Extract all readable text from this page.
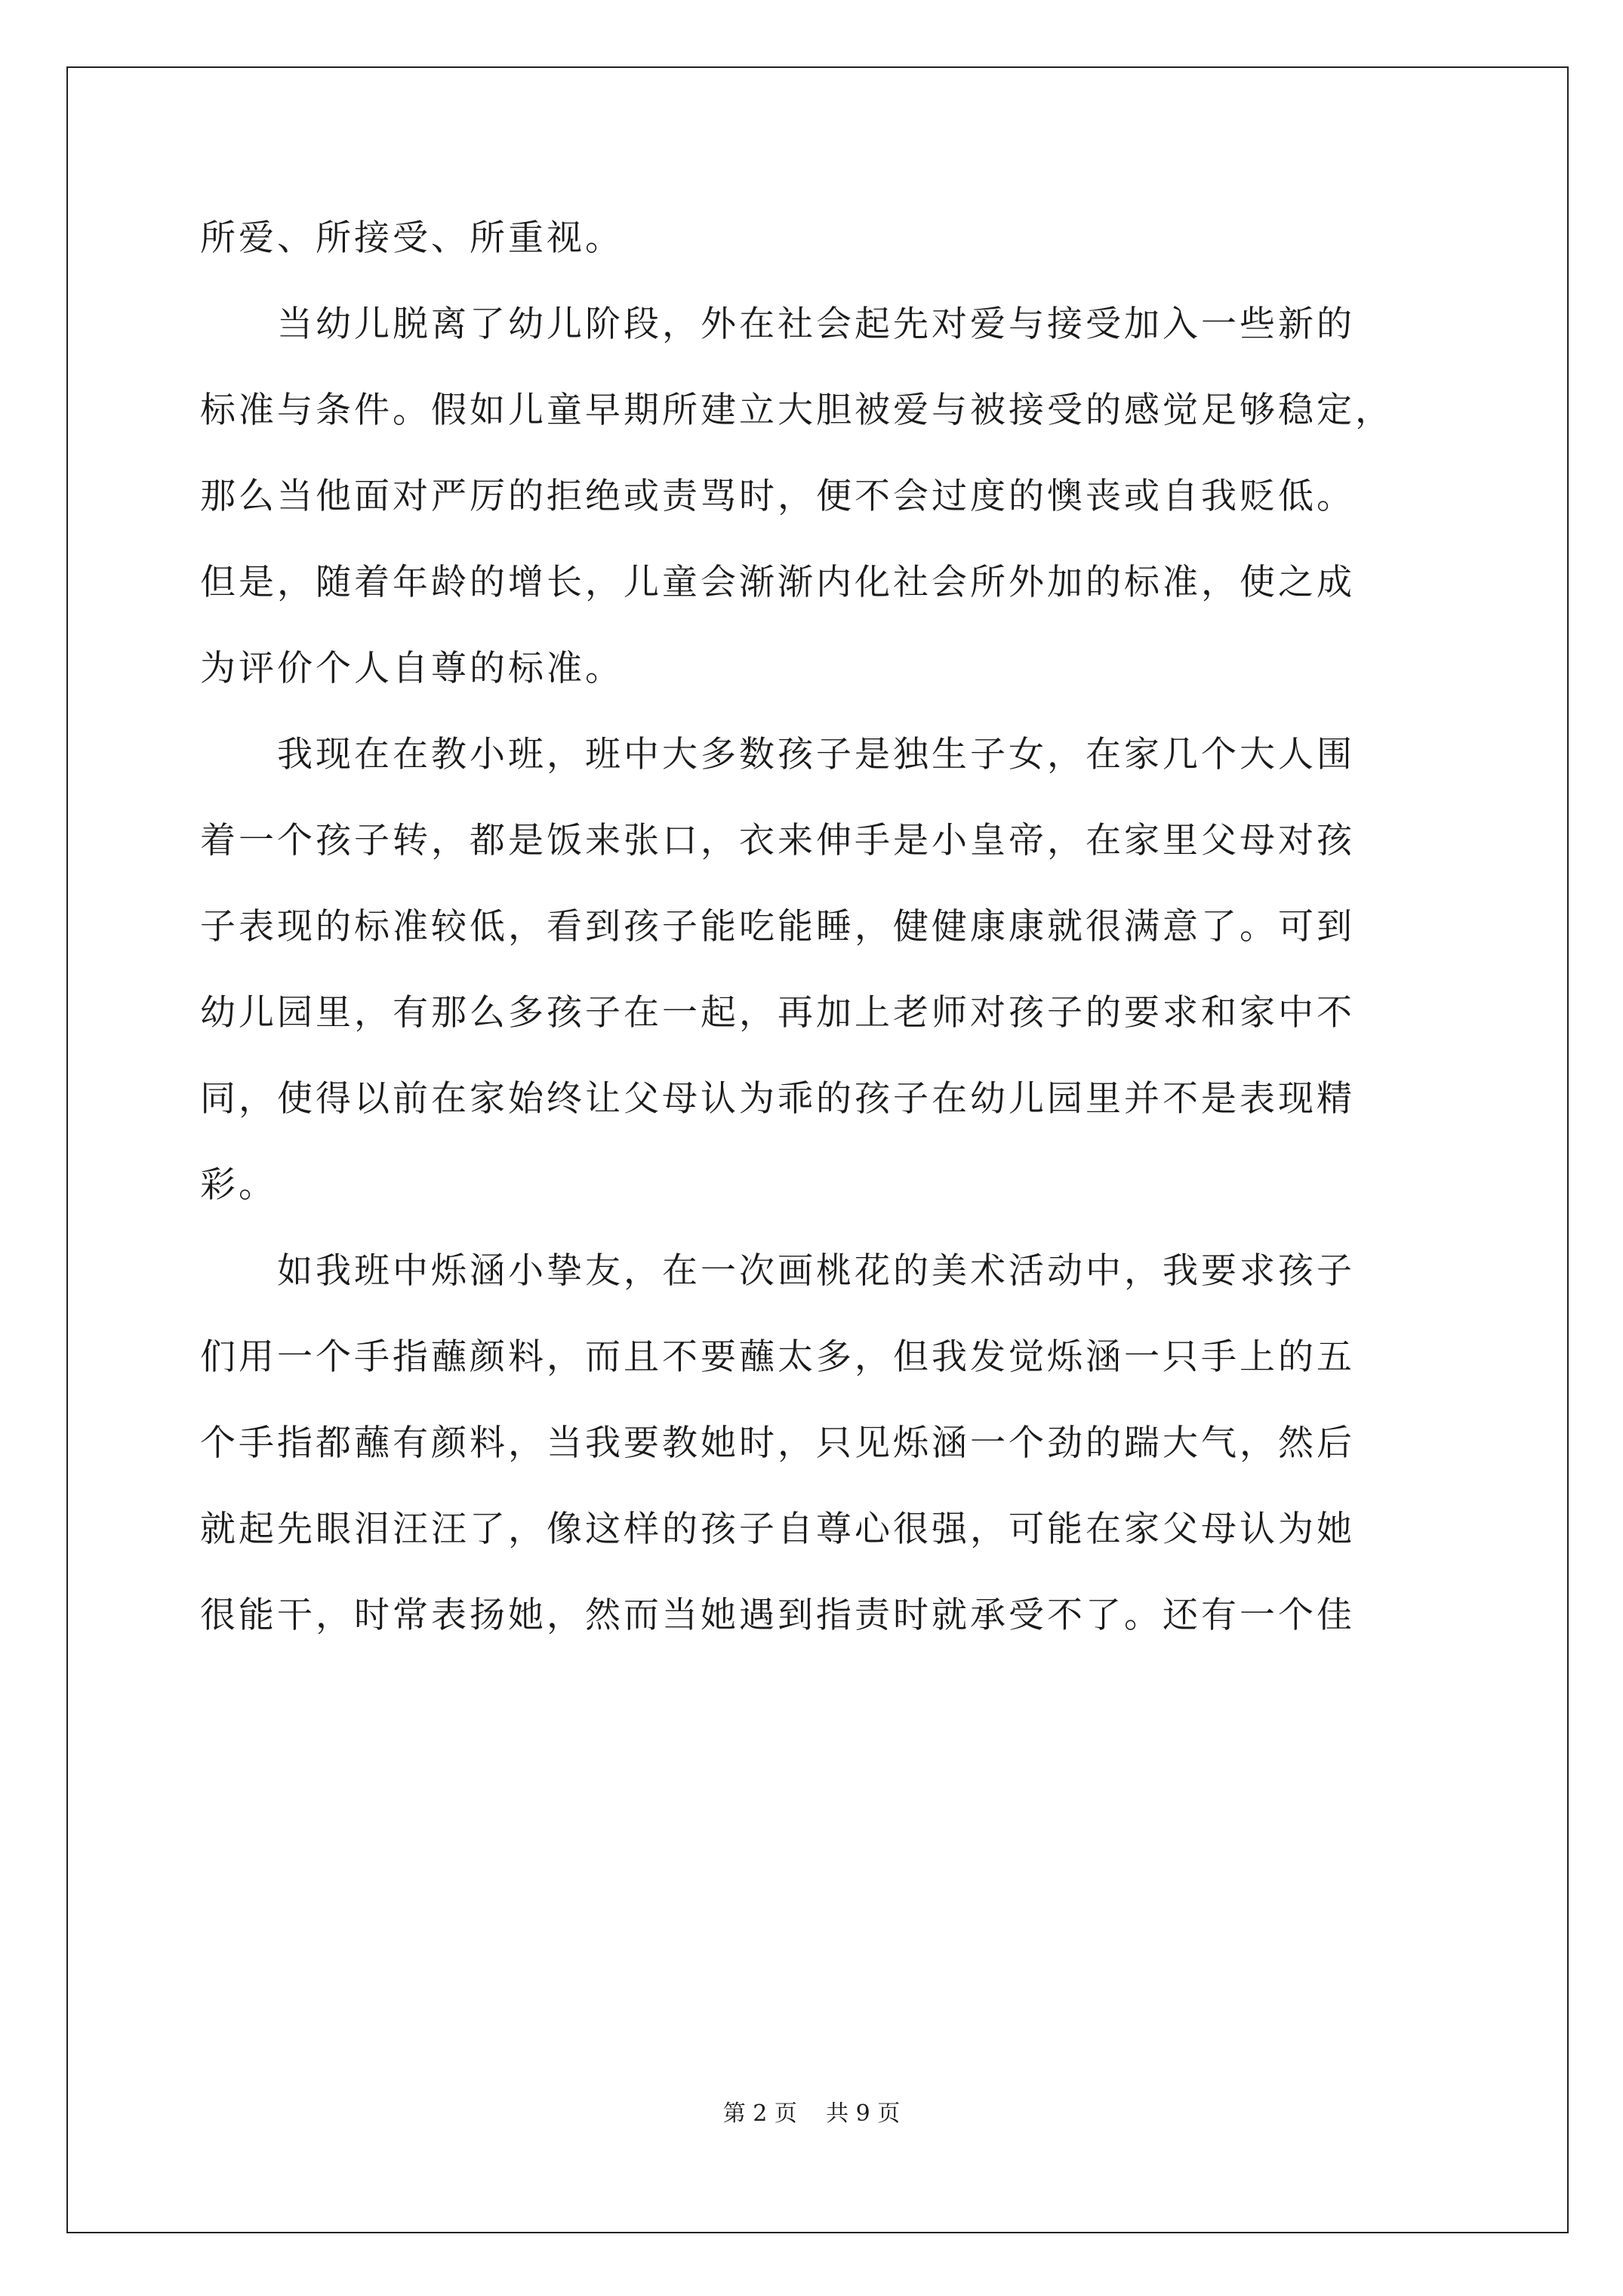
所爱、所接受、所重视。
　　当幼儿脱离了幼儿阶段，外在社会起先对爱与接受加入一些新的
标准与条件。假如儿童早期所建立大胆被爱与被接受的感觉足够稳定，
那么当他面对严厉的拒绝或责骂时，便不会过度的懊丧或自我贬低。
但是，随着年龄的增长，儿童会渐渐内化社会所外加的标准，使之成
为评价个人自尊的标准。
　　我现在在教小班，班中大多数孩子是独生子女，在家几个大人围
着一个孩子转，都是饭来张口，衣来伸手是小皇帝，在家里父母对孩
子表现的标准较低，看到孩子能吃能睡，健健康康就很满意了。可到
幼儿园里，有那么多孩子在一起，再加上老师对孩子的要求和家中不
同，使得以前在家始终让父母认为乖的孩子在幼儿园里并不是表现精
彩。
　　如我班中烁涵小挚友，在一次画桃花的美术活动中，我要求孩子
们用一个手指蘸颜料，而且不要蘸太多，但我发觉烁涵一只手上的五
个手指都蘸有颜料，当我要教她时，只见烁涵一个劲的踹大气，然后
就起先眼泪汪汪了，像这样的孩子自尊心很强，可能在家父母认为她
很能干，时常表扬她，然而当她遇到指责时就承受不了。还有一个佳
第 2 页    共 9 页
